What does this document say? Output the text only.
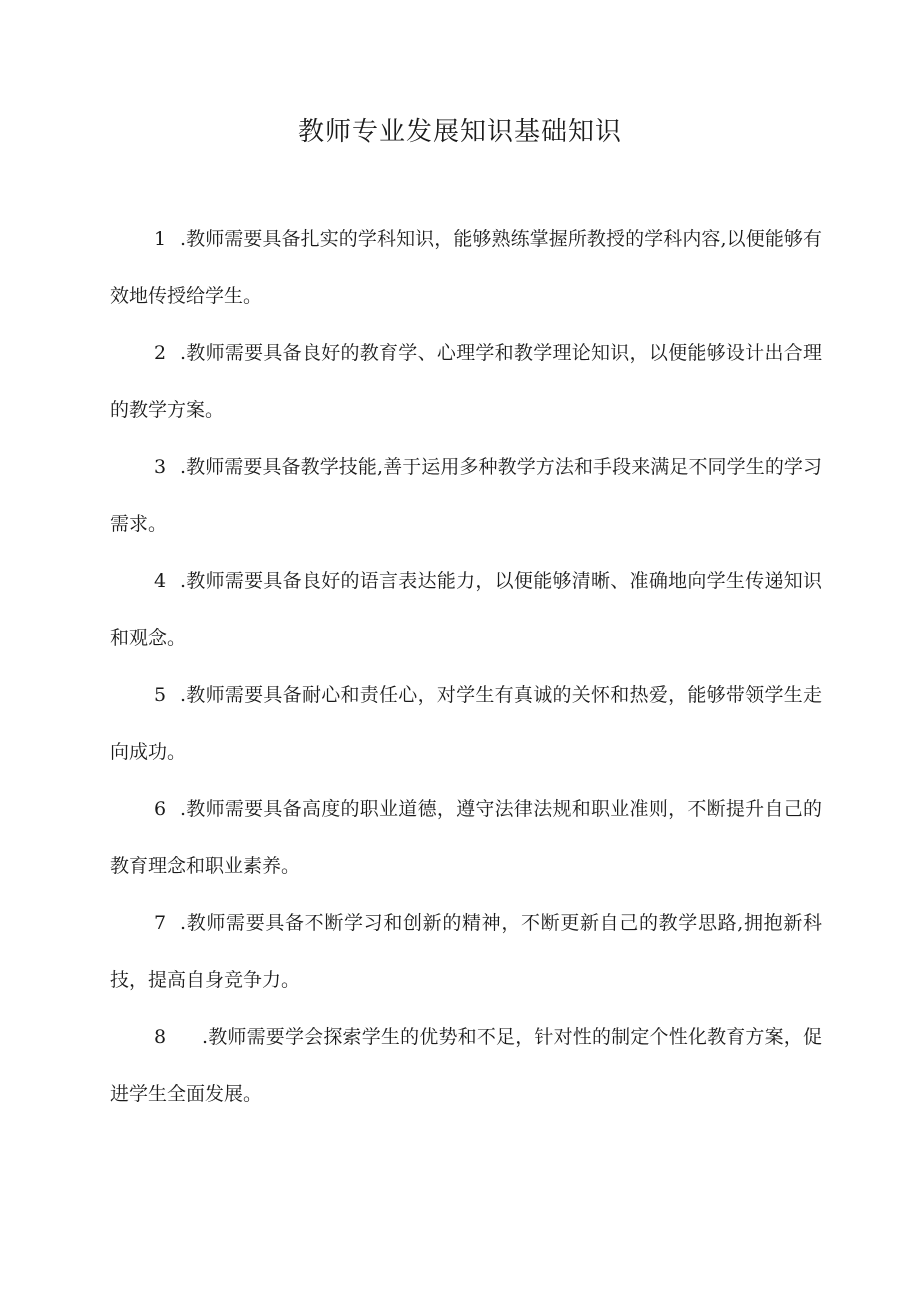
教师专业发展知识基础知识

1 .教师需要具备扎实的学科知识，能够熟练掌握所教授的学科内容,以便能够有效地传授给学生。

2 .教师需要具备良好的教育学、心理学和教学理论知识，以便能够设计出合理的教学方案。

3 .教师需要具备教学技能,善于运用多种教学方法和手段来满足不同学生的学习需求。

4 .教师需要具备良好的语言表达能力，以便能够清晰、准确地向学生传递知识和观念。

5 .教师需要具备耐心和责任心，对学生有真诚的关怀和热爱，能够带领学生走向成功。

6 .教师需要具备高度的职业道德，遵守法律法规和职业准则，不断提升自己的教育理念和职业素养。

7 .教师需要具备不断学习和创新的精神，不断更新自己的教学思路,拥抱新科技，提高自身竞争力。

8 .教师需要学会探索学生的优势和不足，针对性的制定个性化教育方案，促进学生全面发展。
